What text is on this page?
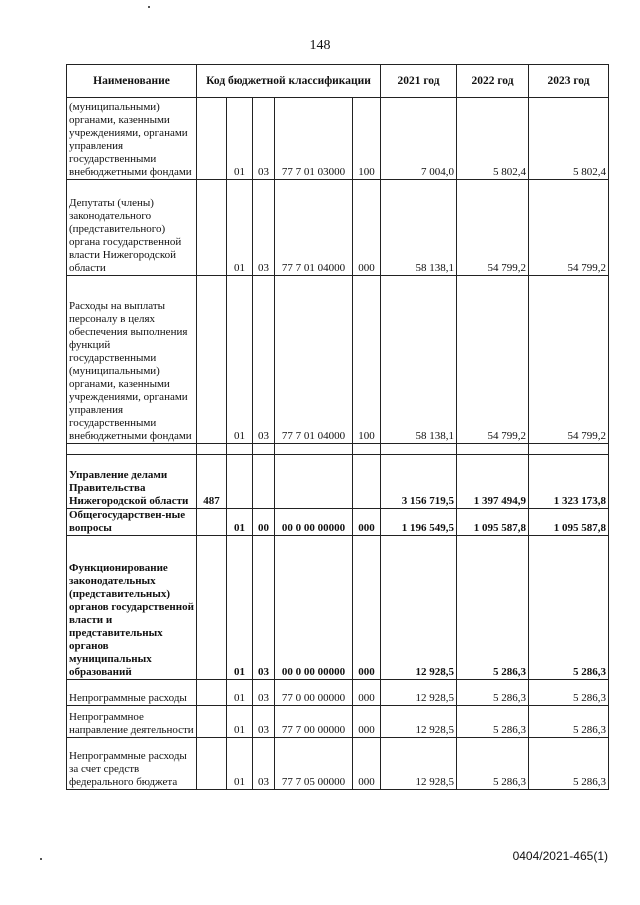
148
Наименование	Код бюджетной классификации					2021 год	2022 год	2023 год
(муниципальными) органами, казенными учреждениями, органами управления государственными внебюджетными фондами		01	03	77 7 01 03000	100	7 004,0	5 802,4	5 802,4
Депутаты (члены) законодательного (представительного) органа государственной власти Нижегородской области		01	03	77 7 01 04000	000	58 138,1	54 799,2	54 799,2
Расходы на выплаты персоналу в целях обеспечения выполнения функций государственными (муниципальными) органами, казенными учреждениями, органами управления государственными внебюджетными фондами		01	03	77 7 01 04000	100	58 138,1	54 799,2	54 799,2

Управление делами Правительства Нижегородской области	487					3 156 719,5	1 397 494,9	1 323 173,8
Общегосударствен-ные вопросы		01	00	00 0 00 00000	000	1 196 549,5	1 095 587,8	1 095 587,8
Функционирование законодательных (представительных) органов государственной власти и представительных органов муниципальных образований		01	03	00 0 00 00000	000	12 928,5	5 286,3	5 286,3
Непрограммные расходы		01	03	77 0 00 00000	000	12 928,5	5 286,3	5 286,3
Непрограммное направление деятельности		01	03	77 7 00 00000	000	12 928,5	5 286,3	5 286,3
Непрограммные расходы за счет средств федерального бюджета		01	03	77 7 05 00000	000	12 928,5	5 286,3	5 286,3
0404/2021-465(1)
